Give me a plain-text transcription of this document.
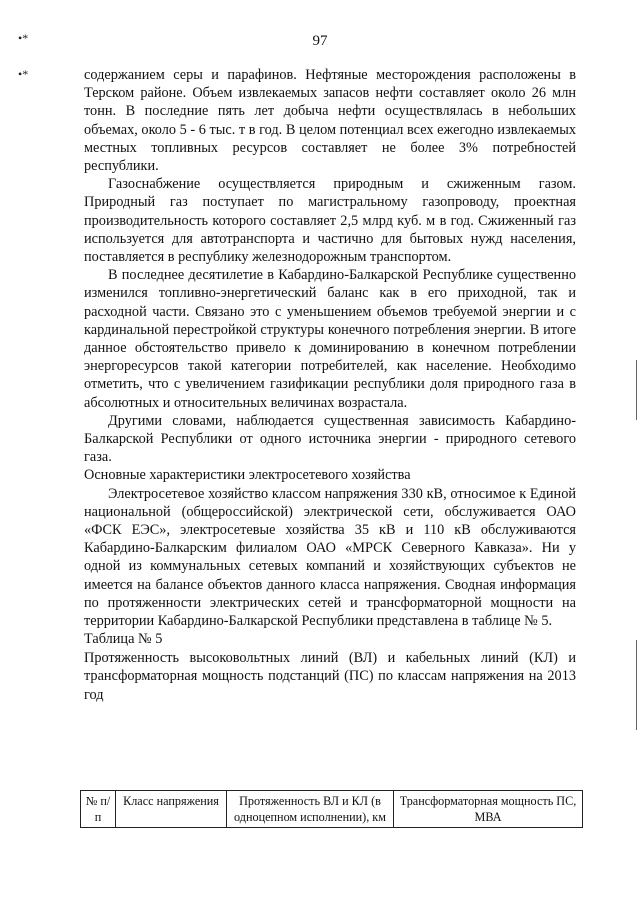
97
•*
•*	содержанием серы и парафинов. Нефтяные месторождения расположены в Терском районе. Объем извлекаемых запасов нефти составляет около 26 млн тонн. В последние пять лет добыча нефти осуществлялась в небольших объемах, около 5 - 6 тыс. т в год. В целом потенциал всех ежегодно извлекаемых местных топливных ресурсов составляет не более 3% потребностей республики.

Газоснабжение осуществляется природным и сжиженным газом. Природный газ поступает по магистральному газопроводу, проектная производительность которого составляет 2,5 млрд куб. м в год. Сжиженный газ используется для автотранспорта и частично для бытовых нужд населения, поставляется в республику железнодорожным транспортом.

В последнее десятилетие в Кабардино-Балкарской Республике существенно изменился топливно-энергетический баланс как в его приходной, так и расходной части. Связано это с уменьшением объемов требуемой энергии и с кардинальной перестройкой структуры конечного потребления энергии. В итоге данное обстоятельство привело к доминированию в конечном потреблении энергоресурсов такой категории потребителей, как население. Необходимо отметить, что с увеличением газификации республики доля природного газа в абсолютных и относительных величинах возрастала.

Другими словами, наблюдается существенная зависимость Кабардино-Балкарской Республики от одного источника энергии - природного сетевого газа.

Основные характеристики электросетевого хозяйства

Электросетевое хозяйство классом напряжения 330 кВ, относимое к Единой национальной (общероссийской) электрической сети, обслуживается ОАО «ФСК ЕЭС», электросетевые хозяйства 35 кВ и 110 кВ обслуживаются Кабардино-Балкарским филиалом ОАО «МРСК Северного Кавказа». Ни у одной из коммунальных сетевых компаний и хозяйствующих субъектов не имеется на балансе объектов данного класса напряжения. Сводная информация по протяженности электрических сетей и трансформаторной мощности на территории Кабардино-Балкарской Республики представлена в таблице № 5.

Таблица № 5

Протяженность высоковольтных линий (ВЛ) и кабельных линий (КЛ) и трансформаторная мощность подстанций (ПС) по классам напряжения на 2013 год

№ п/п	Класс напряжения	Протяженность ВЛ и КЛ (в одноцепном исполнении), км	Трансформаторная мощность ПС, МВА
